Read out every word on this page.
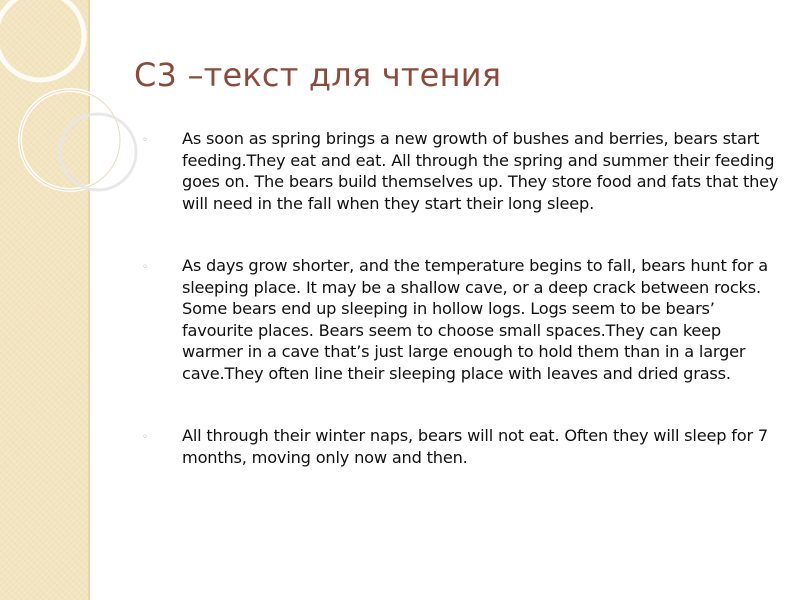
C3 –текст для чтения
◦ As soon as spring brings a new growth of bushes and berries, bears start feeding.They eat and eat. All through the spring and summer their feeding goes on. The bears build themselves up. They store food and fats that they will need in the fall when they start their long sleep.
◦ As days grow shorter, and the temperature begins to fall, bears hunt for a sleeping place. It may be a shallow cave, or a deep crack between rocks. Some bears end up sleeping in hollow logs. Logs seem to be bears’ favourite places. Bears seem to choose small spaces.They can keep warmer in a cave that’s just large enough to hold them than in a larger cave.They often line their sleeping place with leaves and dried grass.
◦ All through their winter naps, bears will not eat. Often they will sleep for 7 months, moving only now and then.
